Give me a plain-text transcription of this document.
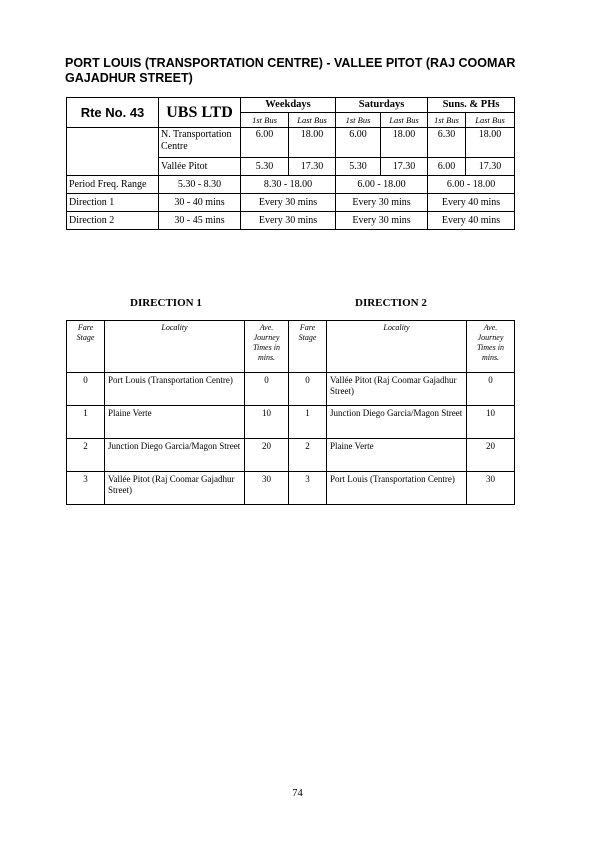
PORT LOUIS (TRANSPORTATION CENTRE) - VALLEE PITOT (RAJ COOMAR GAJADHUR STREET)
Rte No. 43	UBS LTD	Weekdays		Saturdays		Suns. & PHs	
		1st Bus	Last Bus	1st Bus	Last Bus	1st Bus	Last Bus
	N. Transportation Centre	6.00	18.00	6.00	18.00	6.30	18.00
	Vallée Pitot	5.30	17.30	5.30	17.30	6.00	17.30
Period Freq. Range	5.30 - 8.30	8.30 - 18.00		6.00 - 18.00		6.00 - 18.00	
Direction 1	30 - 40 mins	Every 30 mins		Every 30 mins		Every 40 mins	
Direction 2	30 - 45 mins	Every 30 mins		Every 30 mins		Every 40 mins	
DIRECTION 1	DIRECTION 2
Fare Stage	Locality	Ave. Journey Times in mins.	Fare Stage	Locality	Ave. Journey Times in mins.
0	Port Louis (Transportation Centre)	0	0	Vallée Pitot (Raj Coomar Gajadhur Street)	0
1	Plaine Verte	10	1	Junction Diego Garcia/Magon Street	10
2	Junction Diego Garcia/Magon Street	20	2	Plaine Verte	20
3	Vallée Pitot (Raj Coomar Gajadhur Street)	30	3	Port Louis (Transportation Centre)	30
74
